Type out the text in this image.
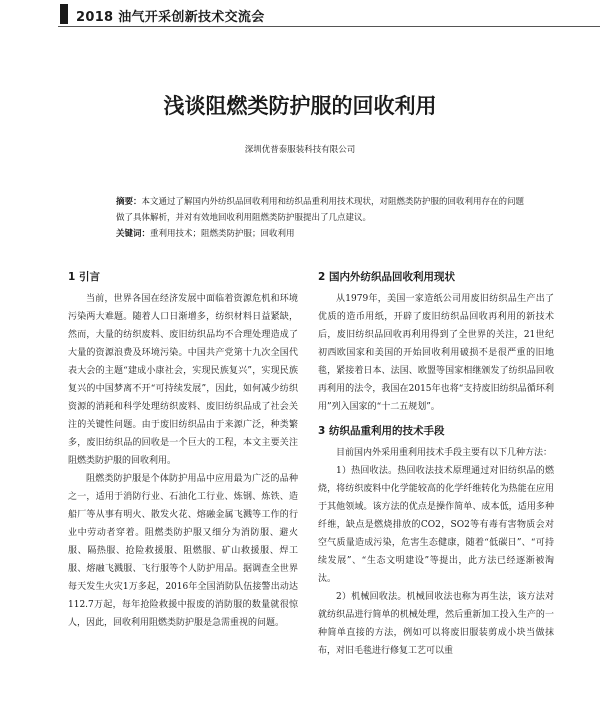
2018 油气开采创新技术交流会
浅谈阻燃类防护服的回收利用
深圳优普泰服装科技有限公司
摘要：本文通过了解国内外纺织品回收利用和纺织品重利用技术现状，对阻燃类防护服的回收利用存在的问题做了具体解析，并对有效地回收利用阻燃类防护服提出了几点建议。
关键词：重利用技术；阻燃类防护服；回收利用
1 引言

当前，世界各国在经济发展中面临着资源危机和环境污染两大难题。随着人口日渐增多，纺织材料日益紧缺，然而，大量的纺织废料、废旧纺织品均不合理处理造成了大量的资源浪费及环境污染。中国共产党第十九次全国代表大会的主题“建成小康社会，实现民族复兴”，实现民族复兴的中国梦离不开“可持续发展”，因此，如何减少纺织资源的消耗和科学处理纺织废料、废旧纺织品成了社会关注的关键性问题。由于废旧纺织品由于来源广泛，种类繁多，废旧纺织品的回收是一个巨大的工程，本文主要关注阻燃类防护服的回收利用。

阻燃类防护服是个体防护用品中应用最为广泛的品种之一，适用于消防行业、石油化工行业、炼钢、炼铁、造船厂等从事有明火、散发火花、熔融金属飞溅等工作的行业中劳动者穿着。阻燃类防护服又细分为消防服、避火服、隔热服、抢险救援服、阻燃服、矿山救援服、焊工服、熔融飞溅服、飞行服等个人防护用品。据调查全世界每天发生火灾1万多起，2016年全国消防队伍接警出动达112.7万起，每年抢险救援中报废的消防服的数量就很惊人，因此，回收利用阻燃类防护服是急需重视的问题。

2 国内外纺织品回收利用现状

从1979年，美国一家造纸公司用废旧纺织品生产出了优质的造币用纸，开辟了废旧纺织品回收再利用的新技术后，废旧纺织品回收再利用得到了全世界的关注，21世纪初西欧国家和美国的开始回收利用破损不是很严重的旧地毯，紧接着日本、法国、欧盟等国家相继颁发了纺织品回收再利用的法令，我国在2015年也将“支持废旧纺织品循环利用”列入国家的“十二五规划”。

3 纺织品重利用的技术手段

目前国内外采用重利用技术手段主要有以下几种方法：

1）热回收法。热回收法技术原理通过对旧纺织品的燃烧，将纺织废料中化学能较高的化学纤维转化为热能在应用于其他领域。该方法的优点是操作简单、成本低，适用多种纤维，缺点是燃烧排放的CO2，SO2等有毒有害物质会对空气质量造成污染，危害生态健康，随着“低碳日”、“可持续发展”、“生态文明建设”等提出，此方法已经逐渐被淘汰。

2）机械回收法。机械回收法也称为再生法，该方法对就纺织品进行简单的机械处理，然后重新加工投入生产的一种简单直接的方法，例如可以将废旧服装剪成小块当做抹布，对旧毛毯进行修复工艺可以重
